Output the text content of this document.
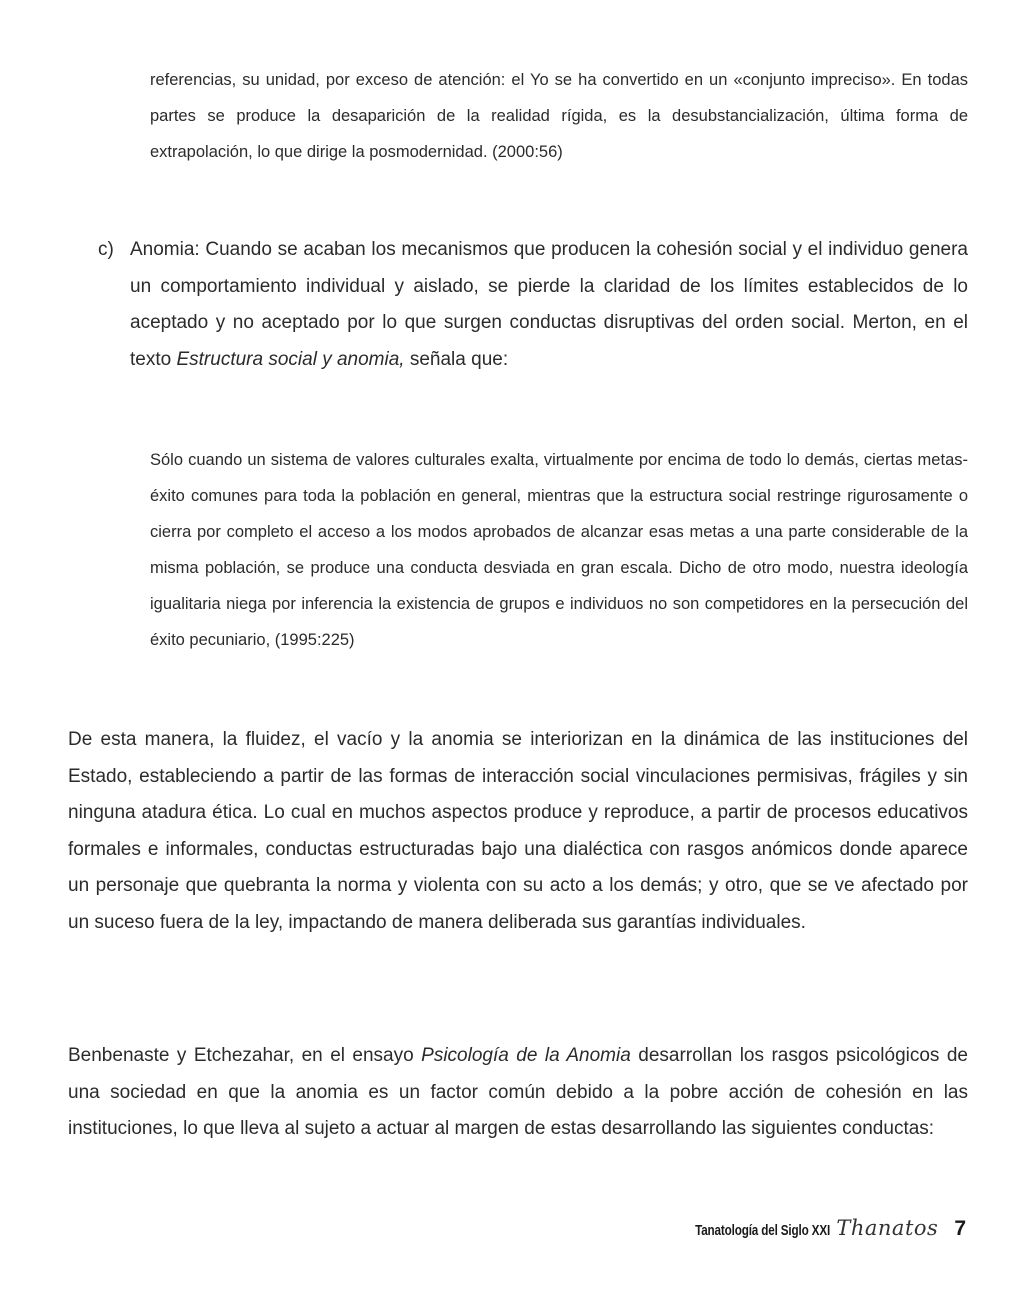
referencias, su unidad, por exceso de atención: el Yo se ha convertido en un «conjunto impreciso». En todas partes se produce la desaparición de la realidad rígida, es la desubstancialización, última forma de extrapolación, lo que dirige la posmodernidad. (2000:56)

c) Anomia: Cuando se acaban los mecanismos que producen la cohesión social y el individuo genera un comportamiento individual y aislado, se pierde la claridad de los límites establecidos de lo aceptado y no aceptado por lo que surgen conductas disruptivas del orden social. Merton, en el texto Estructura social y anomia, señala que:

Sólo cuando un sistema de valores culturales exalta, virtualmente por encima de todo lo demás, ciertas metas-éxito comunes para toda la población en general, mientras que la estructura social restringe rigurosamente o cierra por completo el acceso a los modos aprobados de alcanzar esas metas a una parte considerable de la misma población, se produce una conducta desviada en gran escala. Dicho de otro modo, nuestra ideología igualitaria niega por inferencia la existencia de grupos e individuos no son competidores en la persecución del éxito pecuniario, (1995:225)

De esta manera, la fluidez, el vacío y la anomia se interiorizan en la dinámica de las instituciones del Estado, estableciendo a partir de las formas de interacción social vinculaciones permisivas, frágiles y sin ninguna atadura ética. Lo cual en muchos aspectos produce y reproduce, a partir de procesos educativos formales e informales, conductas estructuradas bajo una dialéctica con rasgos anómicos donde aparece un personaje que quebranta la norma y violenta con su acto a los demás; y otro, que se ve afectado por un suceso fuera de la ley, impactando de manera deliberada sus garantías individuales.

Benbenaste y Etchezahar, en el ensayo Psicología de la Anomia desarrollan los rasgos psicológicos de una sociedad en que la anomia es un factor común debido a la pobre acción de cohesión en las instituciones, lo que lleva al sujeto a actuar al margen de estas desarrollando las siguientes conductas:

Tanatología del Siglo XXI Thanatos 7
